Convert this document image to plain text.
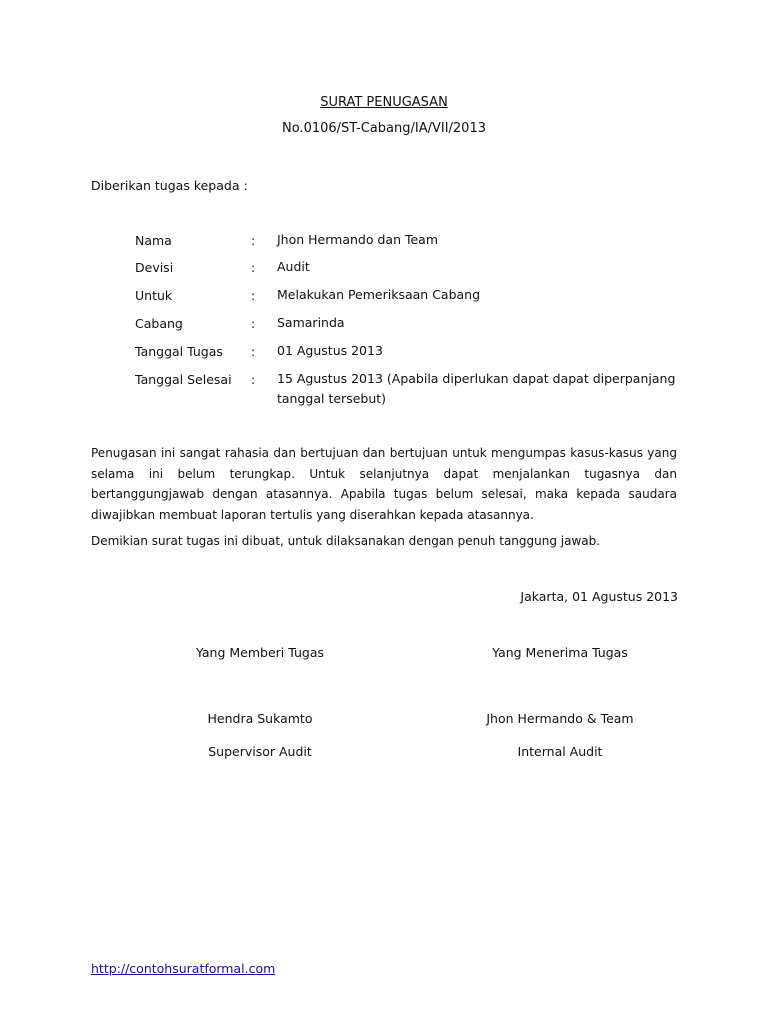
SURAT PENUGASAN
No.0106/ST-Cabang/IA/VII/2013
Diberikan tugas kepada :
Nama	: Jhon Hermando dan Team
Devisi	: Audit
Untuk	: Melakukan Pemeriksaan Cabang
Cabang	: Samarinda
Tanggal Tugas : 01 Agustus 2013
Tanggal Selesai : 15 Agustus 2013 (Apabila diperlukan dapat dapat diperpanjang tanggal tersebut)
Penugasan ini sangat rahasia dan bertujuan dan bertujuan untuk mengumpas kasus-kasus yang selama ini belum terungkap. Untuk selanjutnya dapat menjalankan tugasnya dan bertanggungjawab dengan atasannya. Apabila tugas belum selesai, maka kepada saudara diwajibkan membuat laporan tertulis yang diserahkan kepada atasannya.
Demikian surat tugas ini dibuat, untuk dilaksanakan dengan penuh tanggung jawab.
Jakarta, 01 Agustus 2013
Yang Memberi Tugas	Yang Menerima Tugas
Hendra Sukamto	Jhon Hermando & Team
Supervisor Audit	Internal Audit
http://contohsuratformal.com
